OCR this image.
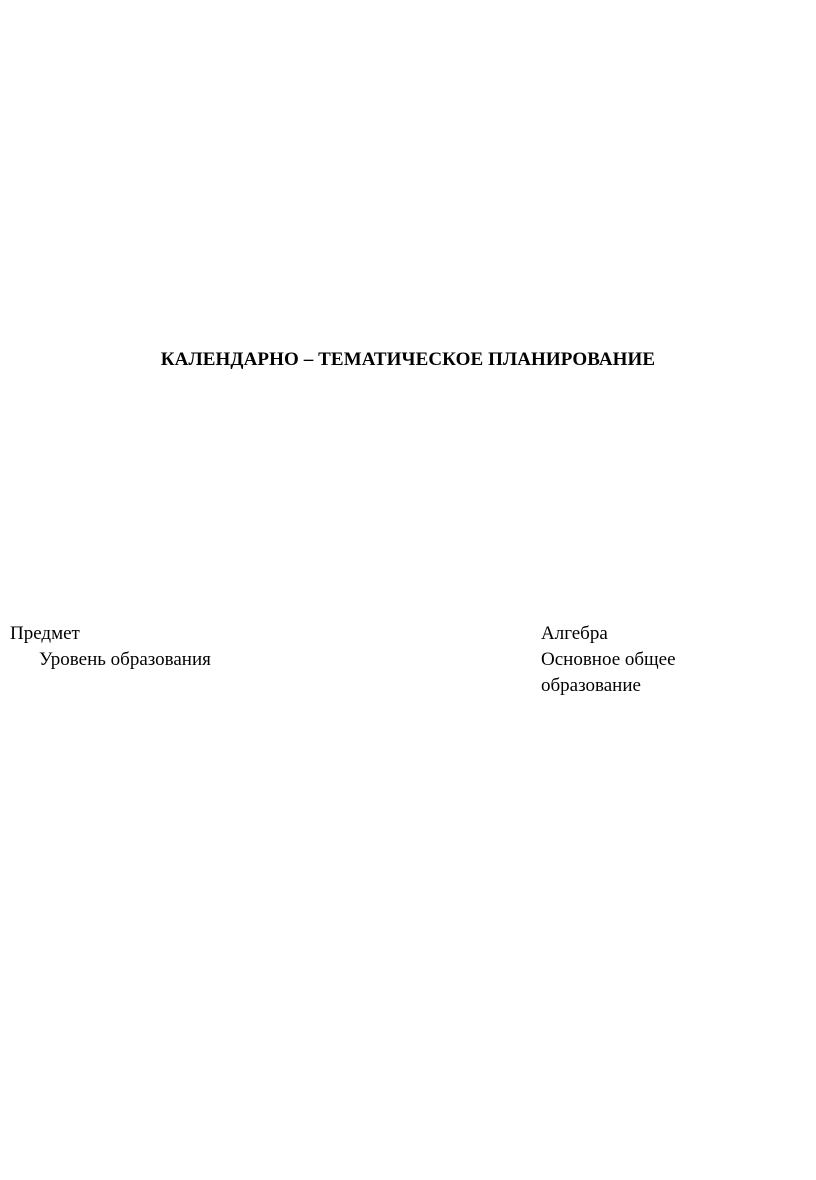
КАЛЕНДАРНО – ТЕМАТИЧЕСКОЕ ПЛАНИРОВАНИЕ
Предмет	Алгебра
Уровень образования	Основное общее
образование
